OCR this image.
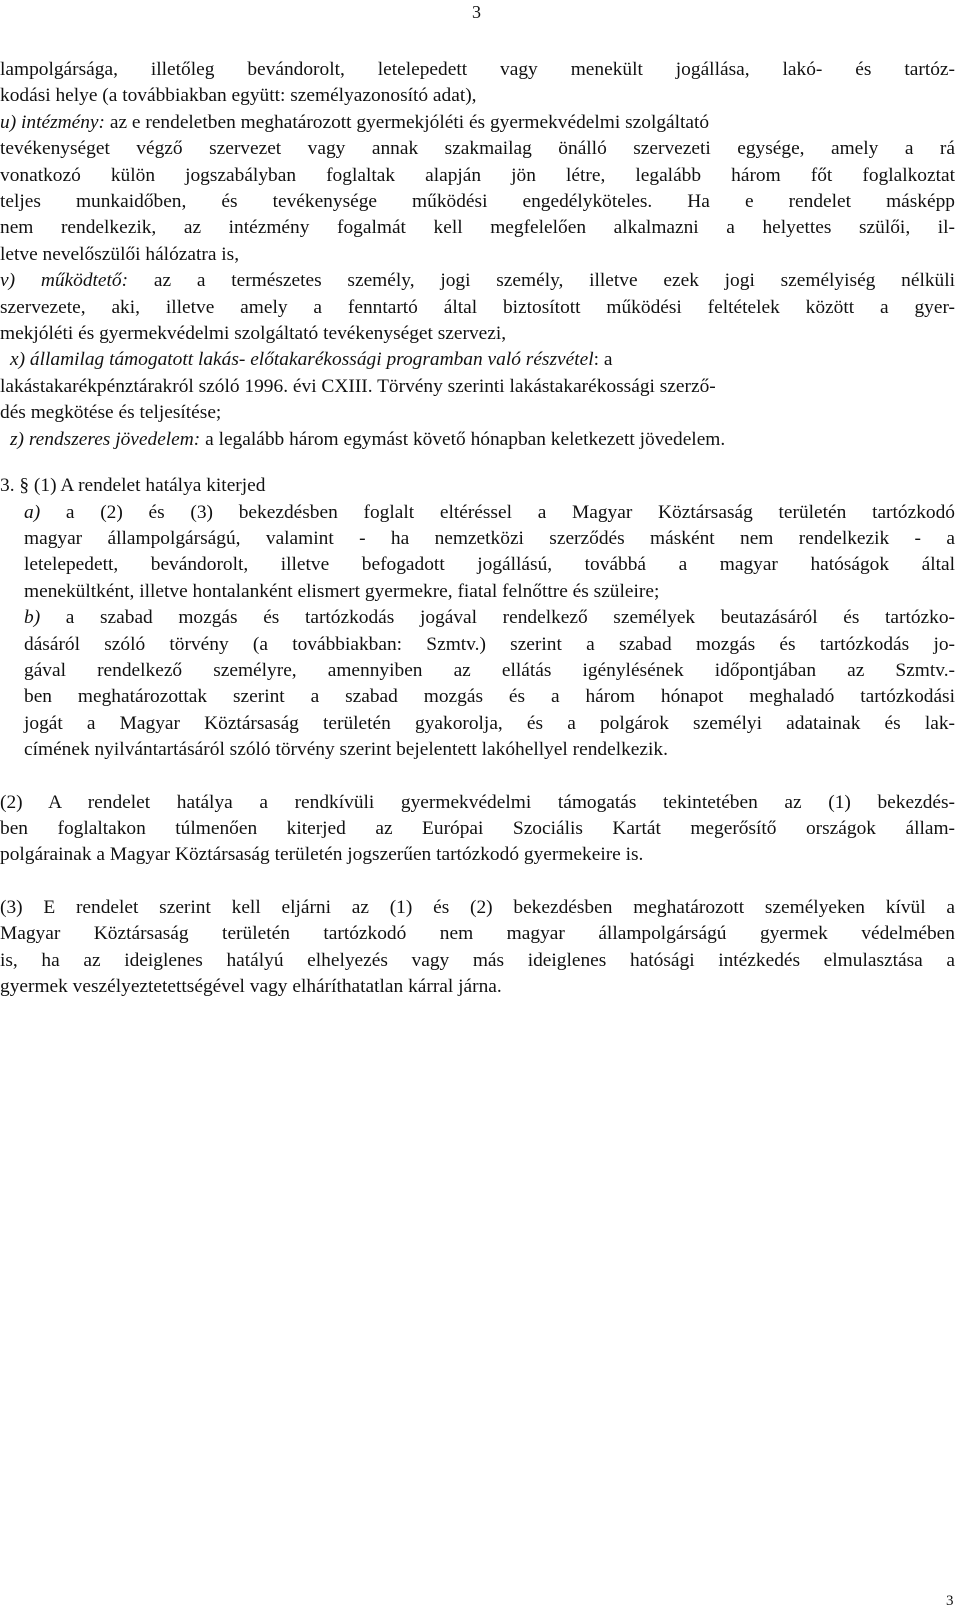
3
lampolgársága, illetőleg bevándorolt, letelepedett vagy menekült jogállása, lakó- és tartóz-
kodási helye (a továbbiakban együtt: személyazonosító adat),
u) intézmény: az e rendeletben meghatározott gyermekjóléti és gyermekvédelmi szolgáltató
tevékenységet végző szervezet vagy annak szakmailag önálló szervezeti egysége, amely a rá
vonatkozó külön jogszabályban foglaltak alapján jön létre, legalább három főt foglalkoztat
teljes munkaidőben, és tevékenysége működési engedélyköteles. Ha e rendelet másképp
nem rendelkezik, az intézmény fogalmát kell megfelelően alkalmazni a helyettes szülői, il-
letve nevelőszülői hálózatra is,
v) működtető: az a természetes személy, jogi személy, illetve ezek jogi személyiség nélküli
szervezete, aki, illetve amely a fenntartó által biztosított működési feltételek között a gyer-
mekjóléti és gyermekvédelmi szolgáltató tevékenységet szervezi,
x) államilag támogatott lakás- előtakarékossági programban való részvétel: a
lakástakarékpénztárakról szóló 1996. évi CXIII. Törvény szerinti lakástakarékossági szerző-
dés megkötése és teljesítése;
z) rendszeres jövedelem: a legalább három egymást követő hónapban keletkezett jövedelem.
3. § (1) A rendelet hatálya kiterjed
a) a (2) és (3) bekezdésben foglalt eltéréssel a Magyar Köztársaság területén tartózkodó
magyar állampolgárságú, valamint - ha nemzetközi szerződés másként nem rendelkezik - a
letelepedett, bevándorolt, illetve befogadott jogállású, továbbá a magyar hatóságok által
menekültként, illetve hontalanként elismert gyermekre, fiatal felnőttre és szüleire;
b) a szabad mozgás és tartózkodás jogával rendelkező személyek beutazásáról és tartózko-
dásáról szóló törvény (a továbbiakban: Szmtv.) szerint a szabad mozgás és tartózkodás jo-
gával rendelkező személyre, amennyiben az ellátás igénylésének időpontjában az Szmtv.-
ben meghatározottak szerint a szabad mozgás és a három hónapot meghaladó tartózkodási
jogát a Magyar Köztársaság területén gyakorolja, és a polgárok személyi adatainak és lak-
címének nyilvántartásáról szóló törvény szerint bejelentett lakóhellyel rendelkezik.
(2) A rendelet hatálya a rendkívüli gyermekvédelmi támogatás tekintetében az (1) bekezdés-
ben foglaltakon túlmenően kiterjed az Európai Szociális Kartát megerősítő országok állam-
polgárainak a Magyar Köztársaság területén jogszerűen tartózkodó gyermekeire is.
(3) E rendelet szerint kell eljárni az (1) és (2) bekezdésben meghatározott személyeken kívül a
Magyar Köztársaság területén tartózkodó nem magyar állampolgárságú gyermek védelmében
is, ha az ideiglenes hatályú elhelyezés vagy más ideiglenes hatósági intézkedés elmulasztása a
gyermek veszélyeztetettségével vagy elháríthatatlan kárral járna.
3
